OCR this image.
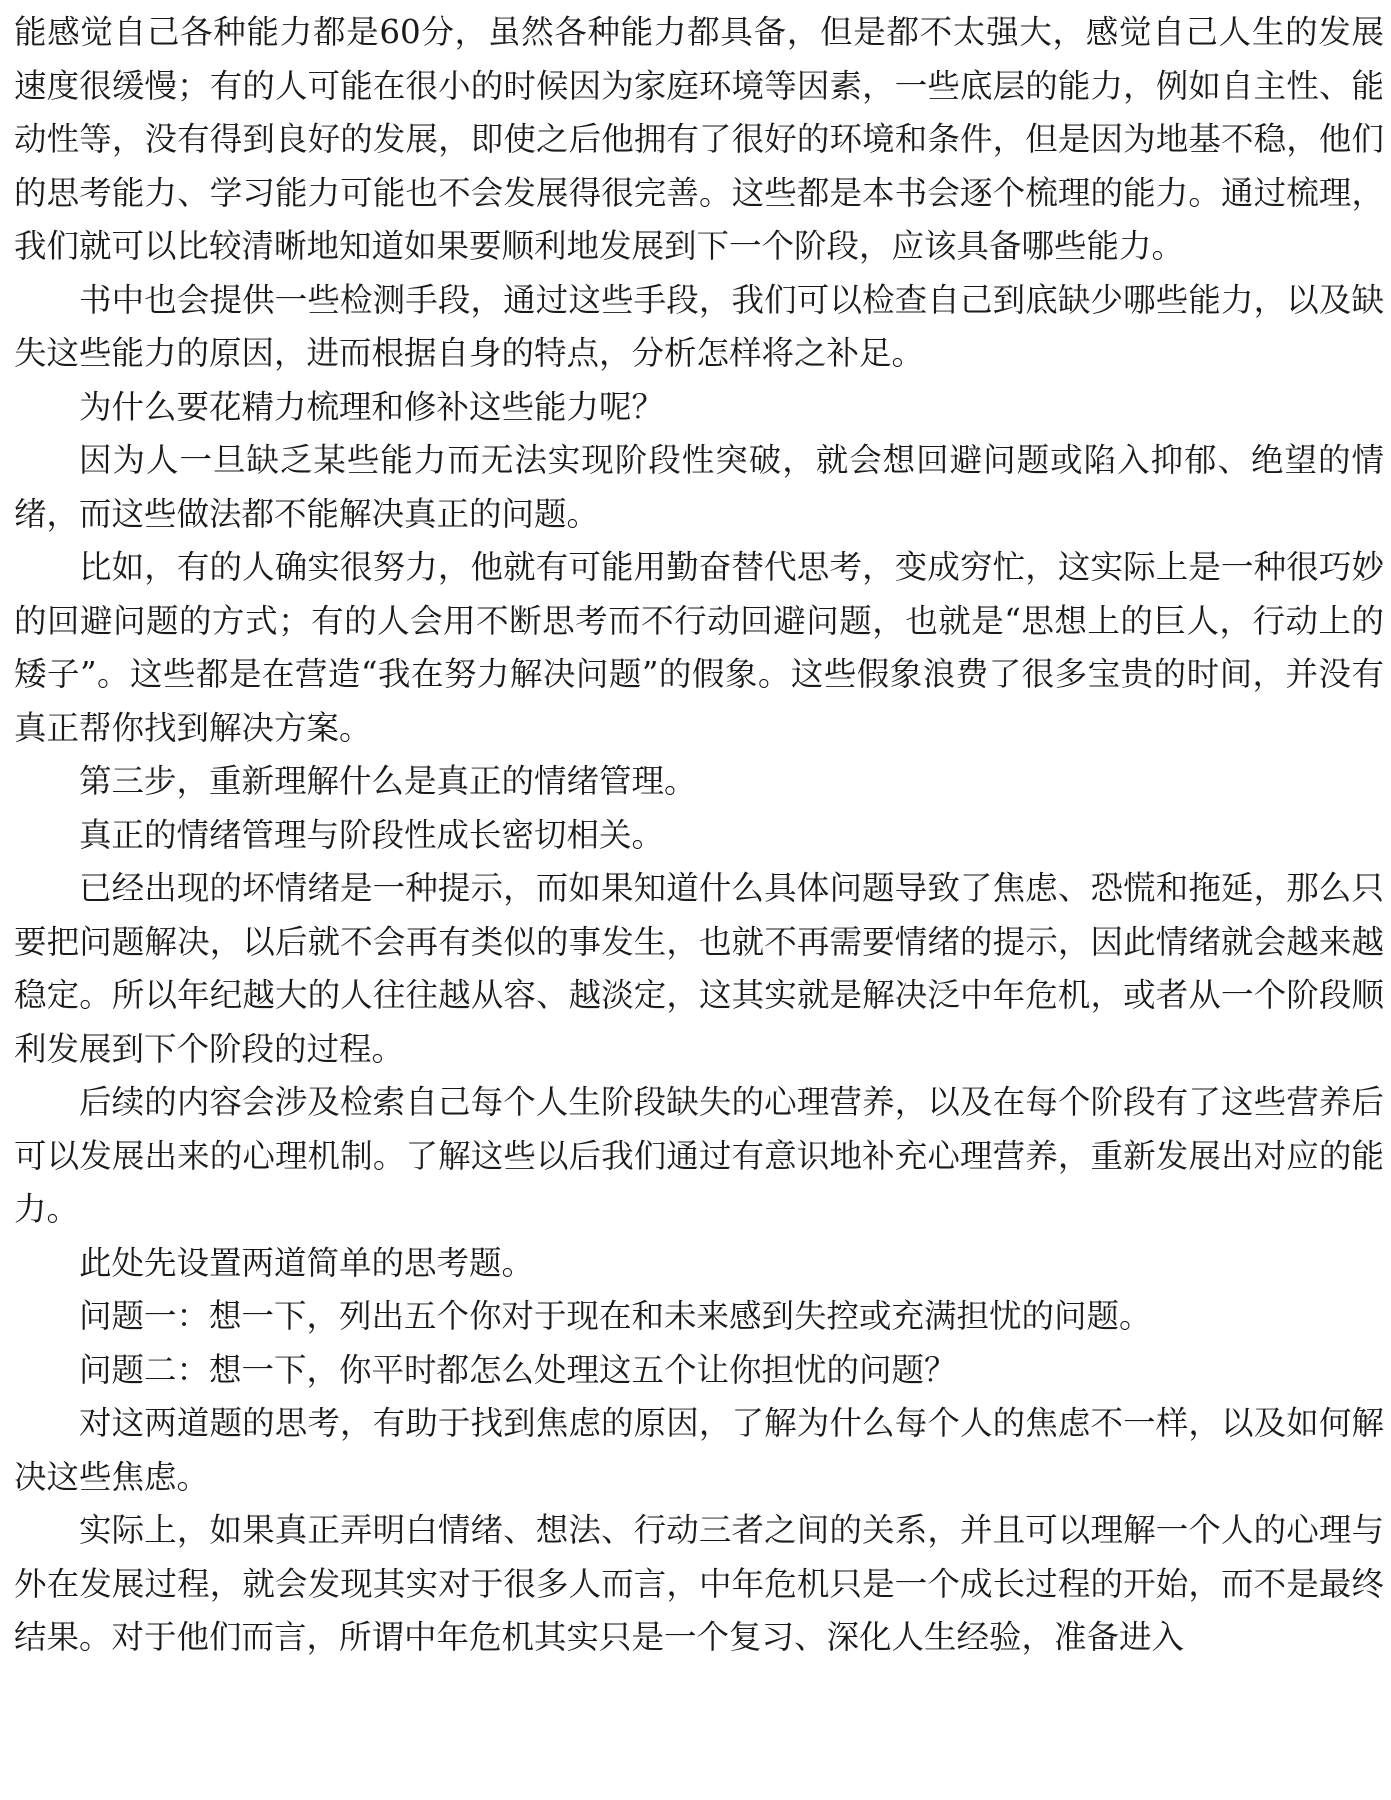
能感觉自己各种能力都是60分，虽然各种能力都具备，但是都不太强大，感觉自己人生的发展速度很缓慢；有的人可能在很小的时候因为家庭环境等因素，一些底层的能力，例如自主性、能动性等，没有得到良好的发展，即使之后他拥有了很好的环境和条件，但是因为地基不稳，他们的思考能力、学习能力可能也不会发展得很完善。这些都是本书会逐个梳理的能力。通过梳理，我们就可以比较清晰地知道如果要顺利地发展到下一个阶段，应该具备哪些能力。

书中也会提供一些检测手段，通过这些手段，我们可以检查自己到底缺少哪些能力，以及缺失这些能力的原因，进而根据自身的特点，分析怎样将之补足。

为什么要花精力梳理和修补这些能力呢？

因为人一旦缺乏某些能力而无法实现阶段性突破，就会想回避问题或陷入抑郁、绝望的情绪，而这些做法都不能解决真正的问题。

比如，有的人确实很努力，他就有可能用勤奋替代思考，变成穷忙，这实际上是一种很巧妙的回避问题的方式；有的人会用不断思考而不行动回避问题，也就是“思想上的巨人，行动上的矮子”。这些都是在营造“我在努力解决问题”的假象。这些假象浪费了很多宝贵的时间，并没有真正帮你找到解决方案。

第三步，重新理解什么是真正的情绪管理。

真正的情绪管理与阶段性成长密切相关。

已经出现的坏情绪是一种提示，而如果知道什么具体问题导致了焦虑、恐慌和拖延，那么只要把问题解决，以后就不会再有类似的事发生，也就不再需要情绪的提示，因此情绪就会越来越稳定。所以年纪越大的人往往越从容、越淡定，这其实就是解决泛中年危机，或者从一个阶段顺利发展到下个阶段的过程。

后续的内容会涉及检索自己每个人生阶段缺失的心理营养，以及在每个阶段有了这些营养后可以发展出来的心理机制。了解这些以后我们通过有意识地补充心理营养，重新发展出对应的能力。

此处先设置两道简单的思考题。

问题一：想一下，列出五个你对于现在和未来感到失控或充满担忧的问题。

问题二：想一下，你平时都怎么处理这五个让你担忧的问题？

对这两道题的思考，有助于找到焦虑的原因，了解为什么每个人的焦虑不一样，以及如何解决这些焦虑。

实际上，如果真正弄明白情绪、想法、行动三者之间的关系，并且可以理解一个人的心理与外在发展过程，就会发现其实对于很多人而言，中年危机只是一个成长过程的开始，而不是最终结果。对于他们而言，所谓中年危机其实只是一个复习、深化人生经验，准备进入
